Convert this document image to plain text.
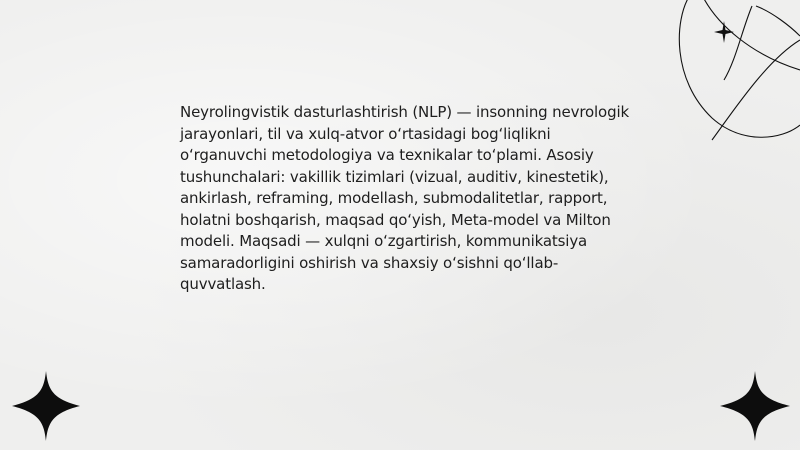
Neyrolingvistik dasturlashtirish (NLP) — insonning nevrologik jarayonlari, til va xulq-atvor oʻrtasidagi bogʻliqlikni oʻrganuvchi metodologiya va texnikalar toʻplami. Asosiy tushunchalari: vakillik tizimlari (vizual, auditiv, kinestetik), ankirlash, reframing, modellash, submodalitetlar, rapport, holatni boshqarish, maqsad qoʻyish, Meta-model va Milton modeli. Maqsadi — xulqni oʻzgartirish, kommunikatsiya samaradorligini oshirish va shaxsiy oʻsishni qoʻllab-quvvatlash.
